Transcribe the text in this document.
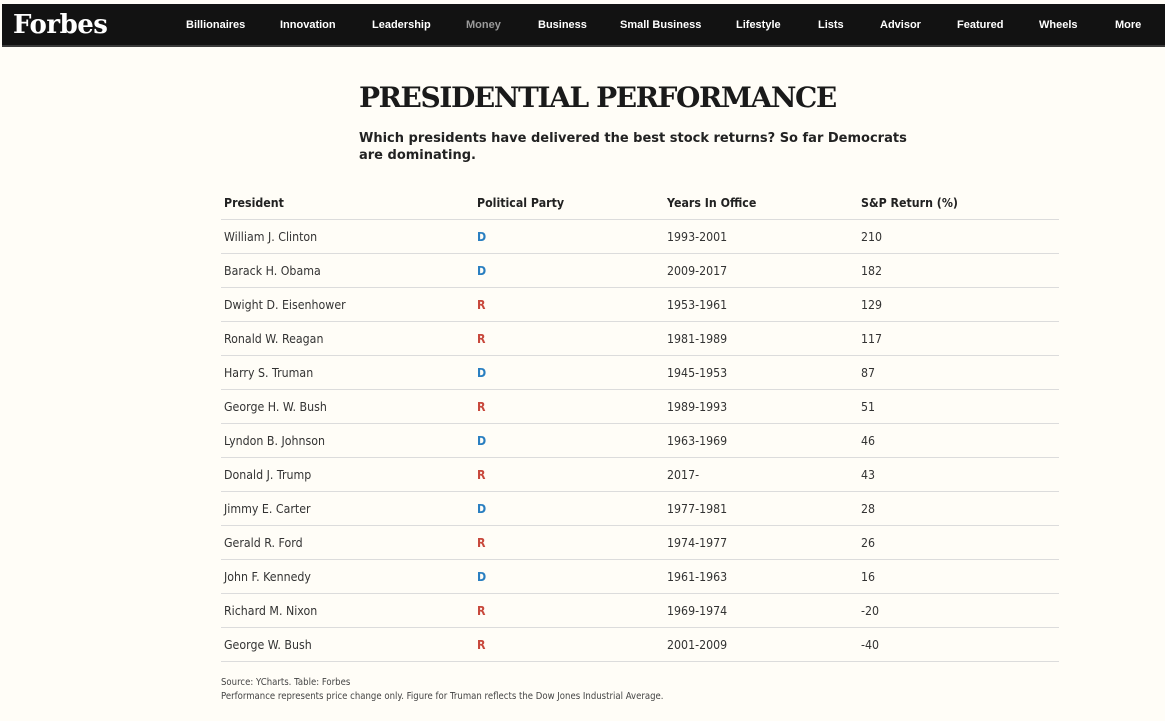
Forbes	Billionaires	Innovation	Leadership	Money	Business	Small Business	Lifestyle	Lists	Advisor	Featured	Wheels	More
PRESIDENTIAL PERFORMANCE

Which presidents have delivered the best stock returns? So far Democrats are dominating.

President	Political Party	Years In Office	S&P Return (%)
William J. Clinton	D	1993-2001	210
Barack H. Obama	D	2009-2017	182
Dwight D. Eisenhower	R	1953-1961	129
Ronald W. Reagan	R	1981-1989	117
Harry S. Truman	D	1945-1953	87
George H. W. Bush	R	1989-1993	51
Lyndon B. Johnson	D	1963-1969	46
Donald J. Trump	R	2017-	43
Jimmy E. Carter	D	1977-1981	28
Gerald R. Ford	R	1974-1977	26
John F. Kennedy	D	1961-1963	16
Richard M. Nixon	R	1969-1974	-20
George W. Bush	R	2001-2009	-40
Source: YCharts. Table: Forbes
Performance represents price change only. Figure for Truman reflects the Dow Jones Industrial Average.
